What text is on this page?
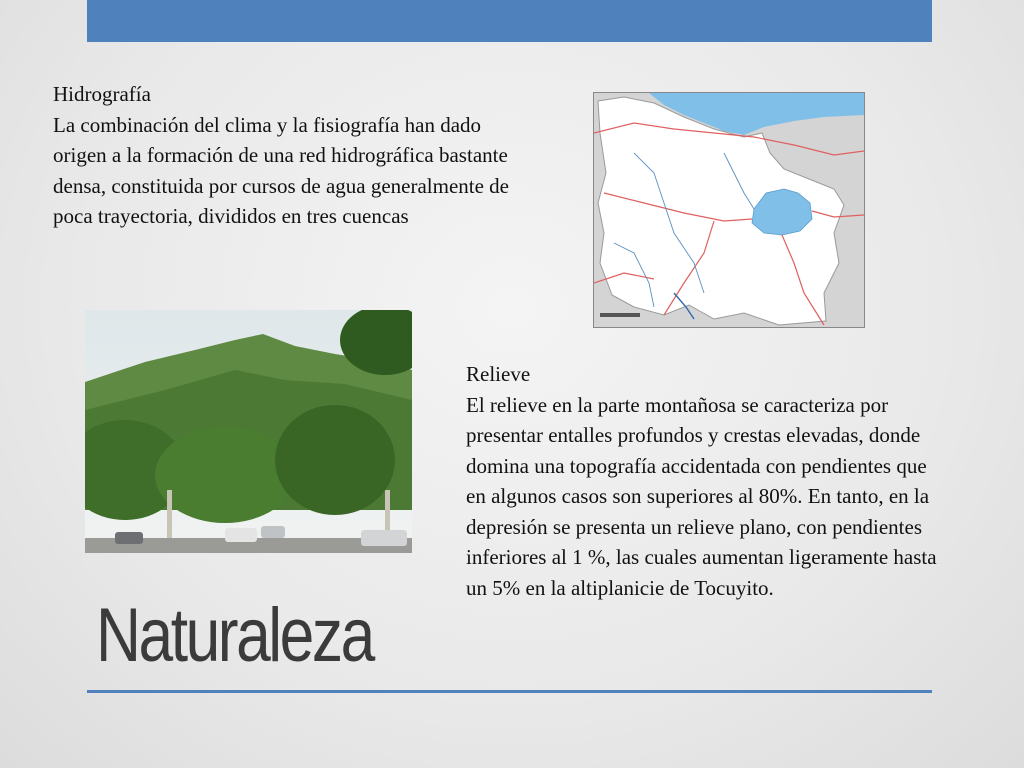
Hidrografía
La combinación del clima y la fisiografía han dado origen a la formación de una red hidrográfica bastante densa, constituida por cursos de agua generalmente de poca trayectoria, divididos en tres cuencas
Relieve
El relieve en la parte montañosa se caracteriza por presentar entalles profundos y crestas elevadas, donde domina una topografía accidentada con pendientes que en algunos casos son superiores al 80%. En tanto, en la depresión se presenta un relieve plano, con pendientes inferiores al 1 %, las cuales aumentan ligeramente hasta un 5% en la altiplanicie de Tocuyito.
Naturaleza
